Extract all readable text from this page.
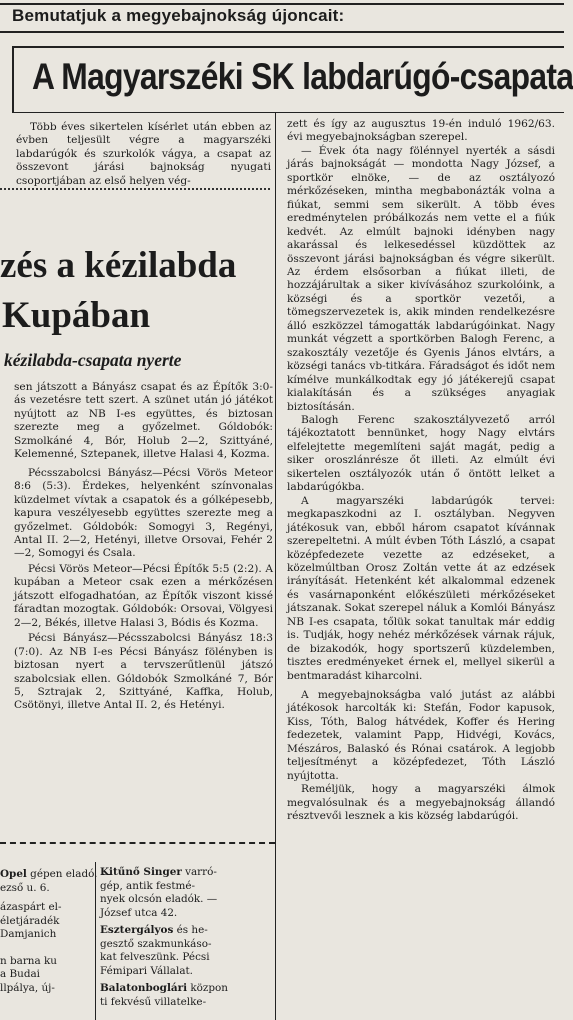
Bemutatjuk a megyebajnokság újoncait:
A Magyarszéki SK labdarúgó-csapata

Több éves sikertelen kísérlet után ebben az évben teljesült végre a magyarszéki labdarúgók és szurkolók vágya, a csapat az összevont járási bajnokság nyugati csoportjában az első helyen vég-

zés a kézilabda
Kupában
kézilabda-csapata nyerte

sen játszott a Bányász csapat és az Építők 3:0-ás vezetésre tett szert. A szünet után jó játékot nyújtott az NB I-es együttes, és biztosan szerezte meg a győzelmet. Góldobók: Szmolkáné 4, Bór, Holub 2—2, Szittyáné, Kelemenné, Sztepanek, illetve Halasi 4, Kozma.

Pécsszabolcsi Bányász—Pécsi Vörös Meteor 8:6 (5:3). Érdekes, helyenként színvonalas küzdelmet vívtak a csapatok és a gólképesebb, kapura veszélyesebb együttes szerezte meg a győzelmet. Góldobók: Somogyi 3, Regényi, Antal II. 2—2, Hetényi, illetve Orsovai, Fehér 2—2, Somogyi és Csala.

Pécsi Vörös Meteor—Pécsi Építők 5:5 (2:2). A kupában a Meteor csak ezen a mérkőzésen játszott elfogadhatóan, az Építők viszont kissé fáradtan mozogtak. Góldobók: Orsovai, Völgyesi 2—2, Békés, illetve Halasi 3, Bódis és Kozma.

Pécsi Bányász—Pécsszabolcsi Bányász 18:3 (7:0). Az NB I-es Pécsi Bányász fölényben is biztosan nyert a tervszerűtlenül játszó szabolcsiak ellen. Góldobók Szmolkáné 7, Bór 5, Sztrajak 2, Szittyáné, Kaffka, Holub, Csötönyi, illetve Antal II. 2, és Hetényi.

zett és így az augusztus 19-én induló 1962/63. évi megyebajnokságban szerepel.

— Évek óta nagy fölénnyel nyerték a sásdi járás bajnokságát — mondotta Nagy József, a sportkör elnöke, — de az osztályozó mérkőzéseken, mintha megbabonázták volna a fiúkat, semmi sem sikerült. A több éves eredménytelen próbálkozás nem vette el a fiúk kedvét. Az elmúlt bajnoki idényben nagy akarással és lelkesedéssel küzdöttek az összevont járási bajnokságban és végre sikerült. Az érdem elsősorban a fiúkat illeti, de hozzájárultak a siker kivívásához szurkolóink, a községi és a sportkör vezetői, a tömegszervezetek is, akik minden rendelkezésre álló eszközzel támogatták labdarúgóinkat. Nagy munkát végzett a sportkörben Balogh Ferenc, a szakosztály vezetője és Gyenis János elvtárs, a községi tanács vb-titkára. Fáradságot és időt nem kímélve munkálkodtak egy jó játékerejű csapat kialakításán és a szükséges anyagiak biztosításán.

Balogh Ferenc szakosztályvezető arról tájékoztatott bennünket, hogy Nagy elvtárs elfelejtette megemlíteni saját magát, pedig a siker oroszlánrésze őt illeti. Az elmúlt évi sikertelen osztályozók után ő öntött lelket a labdarúgókba.

A magyarszéki labdarúgók tervei: megkapaszkodni az I. osztályban. Negyven játékosuk van, ebből három csapatot kívánnak szerepeltetni. A múlt évben Tóth László, a csapat középfedezete vezette az edzéseket, a közelmúltban Orosz Zoltán vette át az edzések irányítását. Hetenként két alkalommal edzenek és vasárnaponként előkészületi mérkőzéseket játszanak. Sokat szerepel náluk a Komlói Bányász NB I-es csapata, tőlük sokat tanultak már eddig is. Tudják, hogy nehéz mérkőzések várnak rájuk, de bizakodók, hogy sportszerű küzdelemben, tisztes eredményeket érnek el, mellyel sikerül a bentmaradást kiharcolni.

A megyebajnokságba való jutást az alábbi játékosok harcolták ki: Stefán, Fodor kapusok, Kiss, Tóth, Balog hátvédek, Koffer és Hering fedezetek, valamint Papp, Hidvégi, Kovács, Mészáros, Balaskó és Rónai csatárok. A legjobb teljesítményt a középfedezet, Tóth László nyújtotta.

Reméljük, hogy a magyarszéki álmok megvalósulnak és a megyebajnokság állandó résztvevői lesznek a kis község labdarúgói.

Opel gépen eladó. —

ezső u. 6.

ázaspárt el-

életjáradék

Damjanich

n barna ku

a Budai

llpálya, új-

Kitűnő Singer varró-

gép, antik festmé-

nyek olcsón eladók. —

József utca 42.

Esztergályos és he-

gesztő szakmunkáso-

kat felveszünk. Pécsi

Fémipari Vállalat.

Balatonboglári közpon

ti fekvésű villatelke-
